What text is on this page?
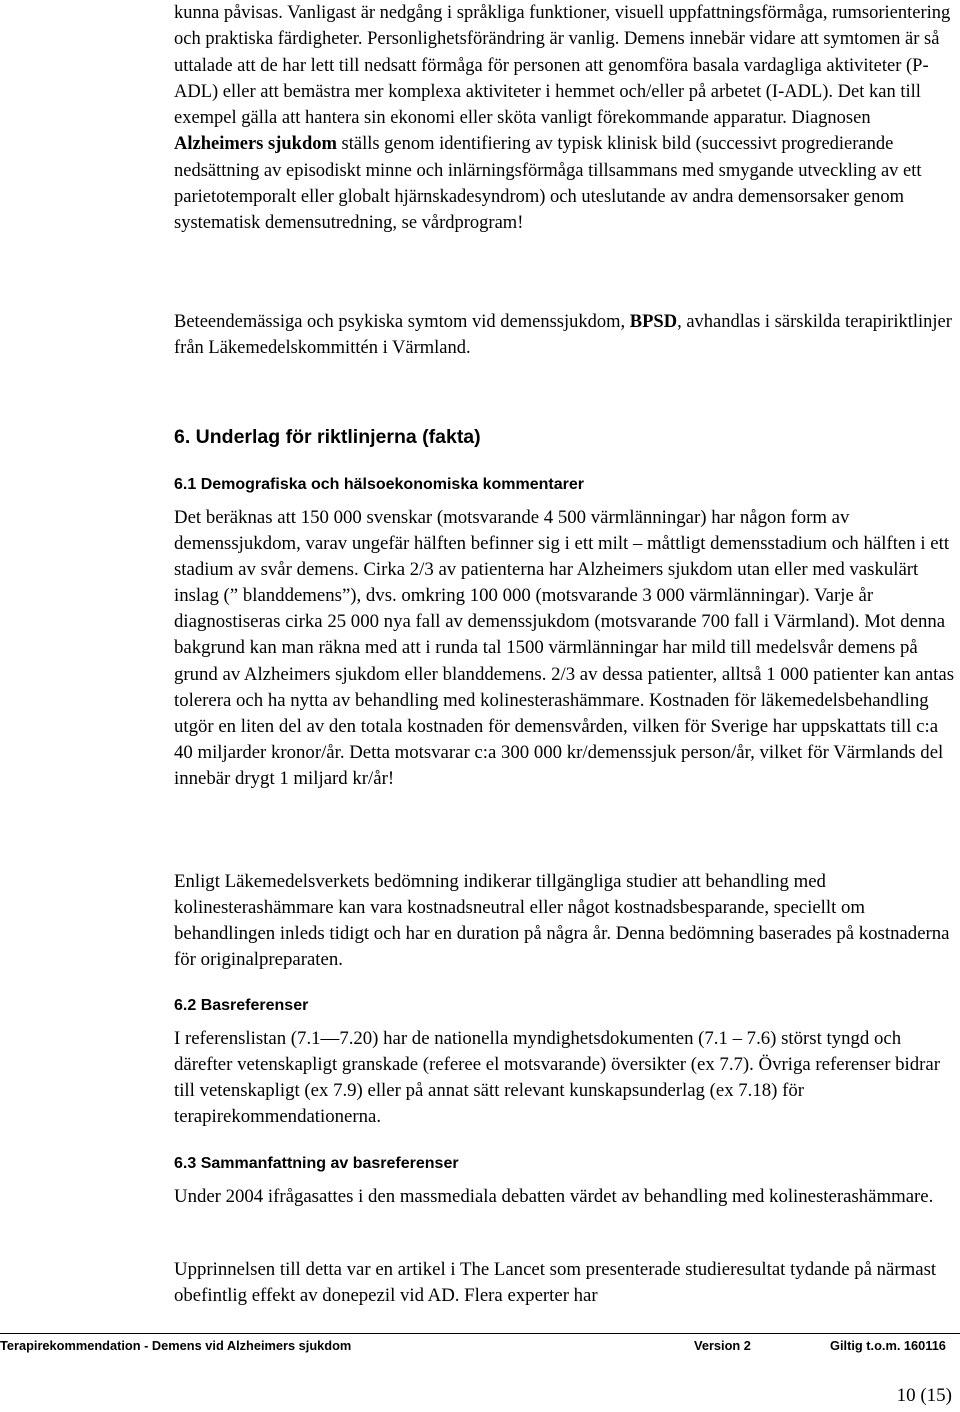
kunna påvisas. Vanligast är nedgång i språkliga funktioner, visuell uppfattningsförmåga, rumsorientering och praktiska färdigheter. Personlighetsförändring är vanlig. Demens innebär vidare att symtomen är så uttalade att de har lett till nedsatt förmåga för personen att genomföra basala vardagliga aktiviteter (P-ADL) eller att bemästra mer komplexa aktiviteter i hemmet och/eller på arbetet (I-ADL). Det kan till exempel gälla att hantera sin ekonomi eller sköta vanligt förekommande apparatur. Diagnosen Alzheimers sjukdom ställs genom identifiering av typisk klinisk bild (successivt progredierande nedsättning av episodiskt minne och inlärningsförmåga tillsammans med smygande utveckling av ett parietotemporalt eller globalt hjärnskadesyndrom) och uteslutande av andra demensorsaker genom systematisk demensutredning, se vårdprogram!
Beteendemässiga och psykiska symtom vid demenssjukdom, BPSD, avhandlas i särskilda terapiriktlinjer från Läkemedelskommittén i Värmland.
6. Underlag för riktlinjerna (fakta)
6.1 Demografiska och hälsoekonomiska kommentarer
Det beräknas att 150 000 svenskar (motsvarande 4 500 värmlänningar) har någon form av demenssjukdom, varav ungefär hälften befinner sig i ett milt – måttligt demensstadium och hälften i ett stadium av svår demens. Cirka 2/3 av patienterna har Alzheimers sjukdom utan eller med vaskulärt inslag (” blanddemens”), dvs. omkring 100 000 (motsvarande 3 000 värmlänningar). Varje år diagnostiseras cirka 25 000 nya fall av demenssjukdom (motsvarande 700 fall i Värmland). Mot denna bakgrund kan man räkna med att i runda tal 1500 värmlänningar har mild till medelsvår demens på grund av Alzheimers sjukdom eller blanddemens. 2/3 av dessa patienter, alltså 1 000 patienter kan antas tolerera och ha nytta av behandling med kolinesterashämmare. Kostnaden för läkemedelsbehandling utgör en liten del av den totala kostnaden för demensvården, vilken för Sverige har uppskattats till c:a 40 miljarder kronor/år. Detta motsvarar c:a 300 000 kr/demenssjuk person/år, vilket för Värmlands del innebär drygt 1 miljard kr/år!
Enligt Läkemedelsverkets bedömning indikerar tillgängliga studier att behandling med kolinesterashämmare kan vara kostnadsneutral eller något kostnadsbesparande, speciellt om behandlingen inleds tidigt och har en duration på några år. Denna bedömning baserades på kostnaderna för originalpreparaten.
6.2 Basreferenser
I referenslistan (7.1—7.20) har de nationella myndighetsdokumenten (7.1 – 7.6) störst tyngd och därefter vetenskapligt granskade (referee el motsvarande) översikter (ex 7.7). Övriga referenser bidrar till vetenskapligt (ex 7.9) eller på annat sätt relevant kunskapsunderlag (ex 7.18) för terapirekommendationerna.
6.3 Sammanfattning av basreferenser
Under 2004 ifrågasattes i den massmediala debatten värdet av behandling med kolinesterashämmare.
Upprinnelsen till detta var en artikel i The Lancet som presenterade studieresultat tydande på närmast obefintlig effekt av donepezil vid AD. Flera experter har
Terapirekommendation - Demens vid Alzheimers sjukdom	Version 2	Giltig t.o.m. 160116
10 (15)
